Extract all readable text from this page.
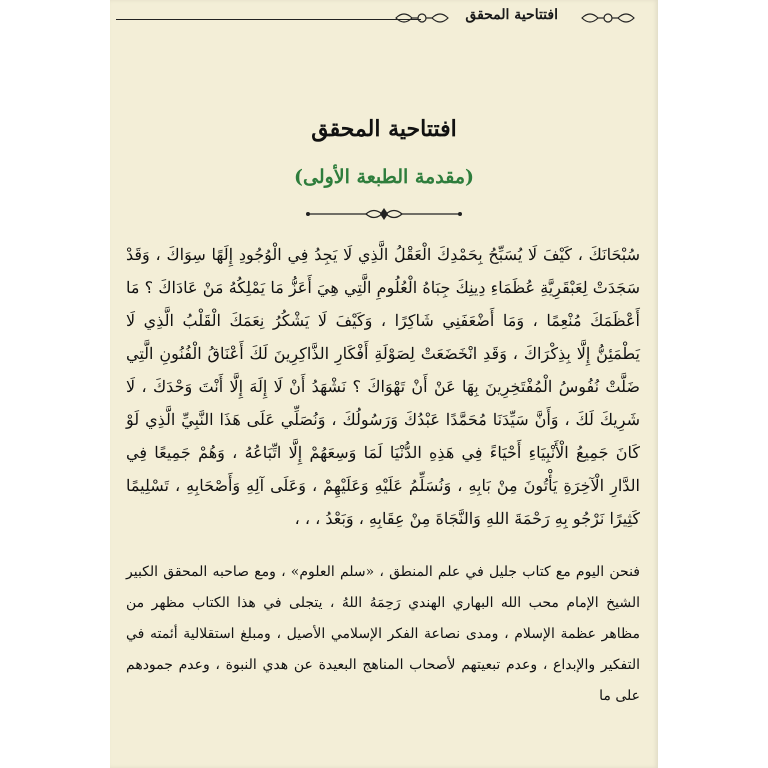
افتتاحية المحقق
افتتاحية المحقق
(مقدمة الطبعة الأولى)

سُبْحَانَكَ ، كَيْفَ لَا يُسَبِّحُ بِحَمْدِكَ الْعَقْلُ الَّذِي لَا يَجِدُ فِي الْوُجُودِ إِلَهًا سِوَاكَ ، وَقَدْ سَجَدَتْ لِعَبْقَرِيَّةِ عُظَمَاءِ دِينِكَ جِبَاهُ الْعُلُومِ الَّتِي هِيَ أَعَزُّ مَا يَمْلِكُهُ مَنْ عَادَاكَ ؟ مَا أَعْظَمَكَ مُنْعِمًا ، وَمَا أَضْعَفَنِي شَاكِرًا ، وَكَيْفَ لَا يَشْكُرُ نِعَمَكَ الْقَلْبُ الَّذِي لَا يَطْمَئِنُّ إِلَّا بِذِكْرَاكَ ، وَقَدِ انْخَضَعَتْ لِصَوْلَةِ أَفْكَارِ الذَّاكِرِينَ لَكَ أَعْنَاقُ الْفُنُونِ الَّتِي ضَلَّتْ نُفُوسُ الْمُفْتَخِرِينَ بِهَا عَنْ أَنْ تَهْوَاكَ ؟ نَشْهَدُ أَنْ لَا إِلَهَ إِلَّا أَنْتَ وَحْدَكَ ، لَا شَرِيكَ لَكَ ، وَأَنَّ سَيِّدَنَا مُحَمَّدًا عَبْدُكَ وَرَسُولُكَ ، وَنُصَلِّي عَلَى هَذَا النَّبِيِّ الَّذِي لَوْ كَانَ جَمِيعُ الْأَنْبِيَاءِ أَحْيَاءً فِي هَذِهِ الدُّنْيَا لَمَا وَسِعَهُمْ إِلَّا اتِّبَاعُهُ ، وَهُمْ جَمِيعًا فِي الدَّارِ الْآخِرَةِ يَأْتُونَ مِنْ بَابِهِ ، وَنُسَلِّمُ عَلَيْهِ وَعَلَيْهِمْ ، وَعَلَى آلِهِ وَأَصْحَابِهِ ، تَسْلِيمًا كَثِيرًا نَرْجُو بِهِ رَحْمَةَ اللهِ وَالنَّجَاةَ مِنْ عِقَابِهِ ، وَبَعْدُ ، ، ،

فنحن اليوم مع كتاب جليل في علم المنطق ، «سلم العلوم» ، ومع صاحبه المحقق الكبير الشيخ الإمام محب الله البهاري الهندي رَحِمَهُ اللهُ ، يتجلى في هذا الكتاب مظهر من مظاهر عظمة الإسلام ، ومدى نصاعة الفكر الإسلامي الأصيل ، ومبلغ استقلالية أئمته في التفكير والإبداع ، وعدم تبعيتهم لأصحاب المناهج البعيدة عن هدي النبوة ، وعدم جمودهم على ما
